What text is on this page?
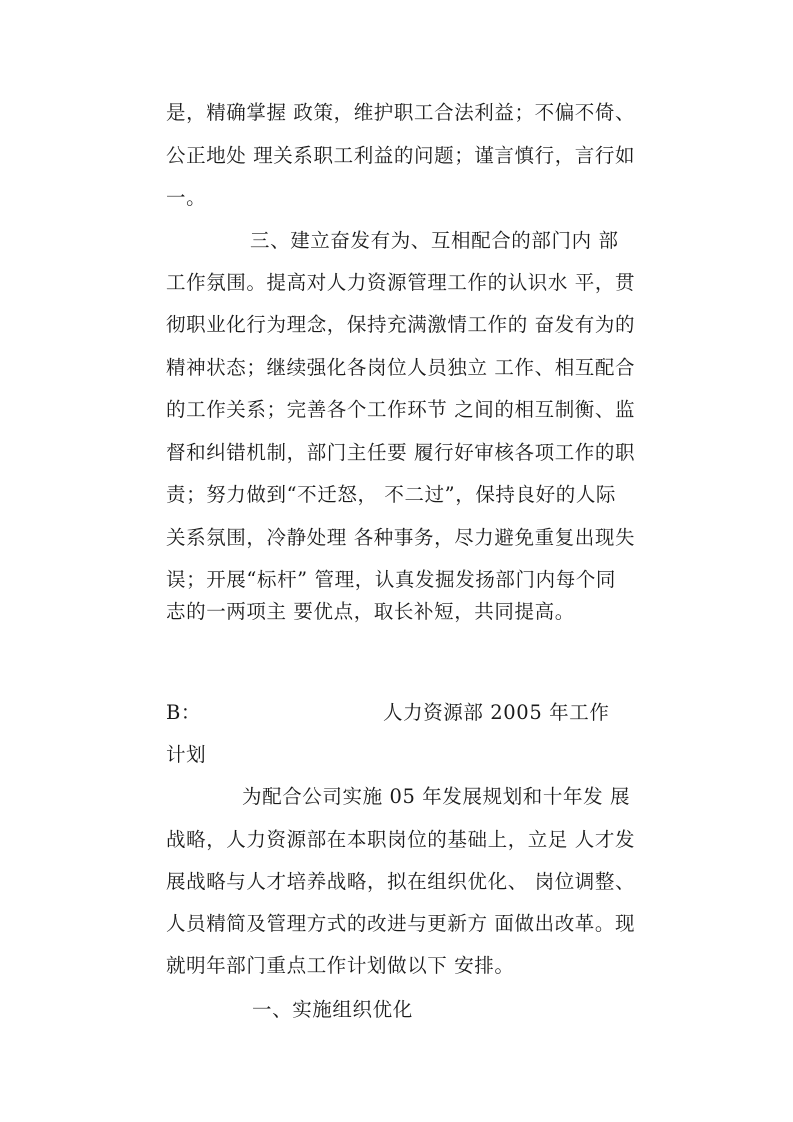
是，精确掌握 政策，维护职工合法利益；不偏不倚、
公正地处 理关系职工利益的问题；谨言慎行，言行如
一。
三、建立奋发有为、互相配合的部门内 部
工作氛围。提高对人力资源管理工作的认识水 平，贯
彻职业化行为理念，保持充满激情工作的 奋发有为的
精神状态；继续强化各岗位人员独立 工作、相互配合
的工作关系；完善各个工作环节 之间的相互制衡、监
督和纠错机制，部门主任要 履行好审核各项工作的职
责；努力做到“不迁怒， 不二过”，保持良好的人际
关系氛围，冷静处理 各种事务，尽力避免重复出现失
误；开展“标杆” 管理，认真发掘发扬部门内每个同
志的一两项主 要优点，取长补短，共同提高。
B：	人力资源部 2005 年工作
计划
为配合公司实施 05 年发展规划和十年发 展
战略，人力资源部在本职岗位的基础上，立足 人才发
展战略与人才培养战略，拟在组织优化、 岗位调整、
人员精简及管理方式的改进与更新方 面做出改革。现
就明年部门重点工作计划做以下 安排。
一、实施组织优化
